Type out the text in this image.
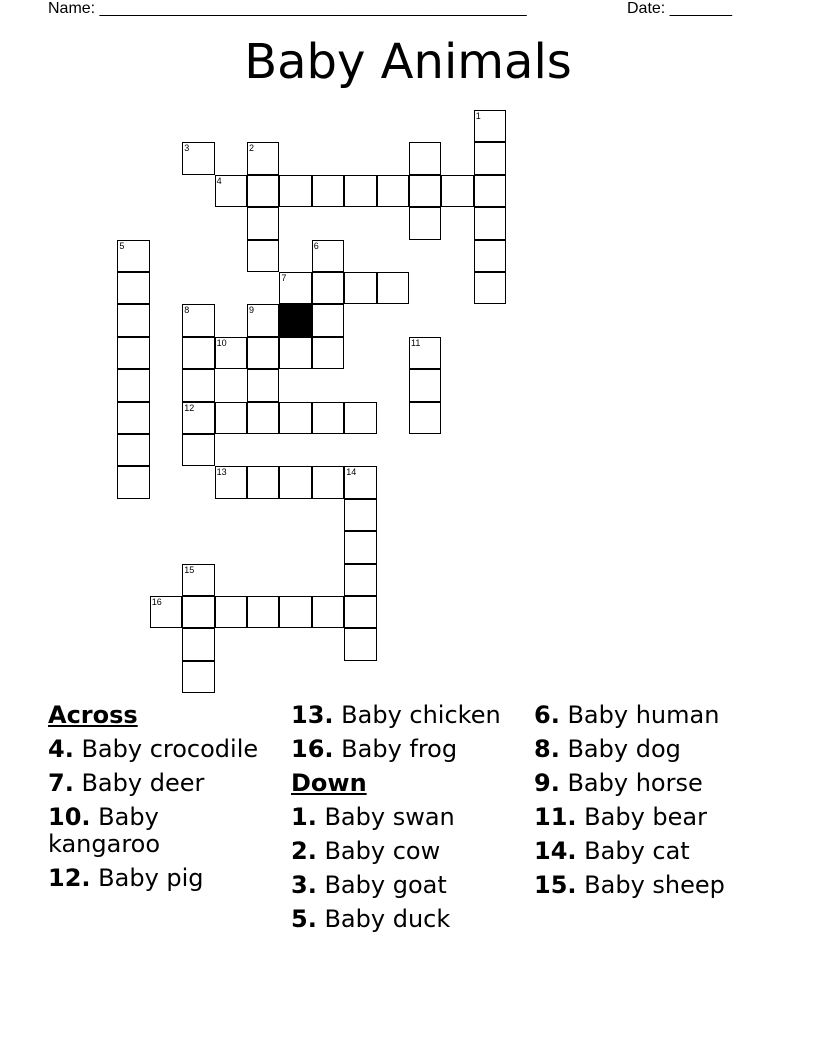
Name: ________________________________________________	Date: _______
Baby Animals
1
2
3
4
5	6
7
8	9
10	11
12
13	14
15
16
Across
4. Baby crocodile
7. Baby deer
10. Baby kangaroo
12. Baby pig
13. Baby chicken
16. Baby frog
Down
1. Baby swan
2. Baby cow
3. Baby goat
5. Baby duck
6. Baby human
8. Baby dog
9. Baby horse
11. Baby bear
14. Baby cat
15. Baby sheep
